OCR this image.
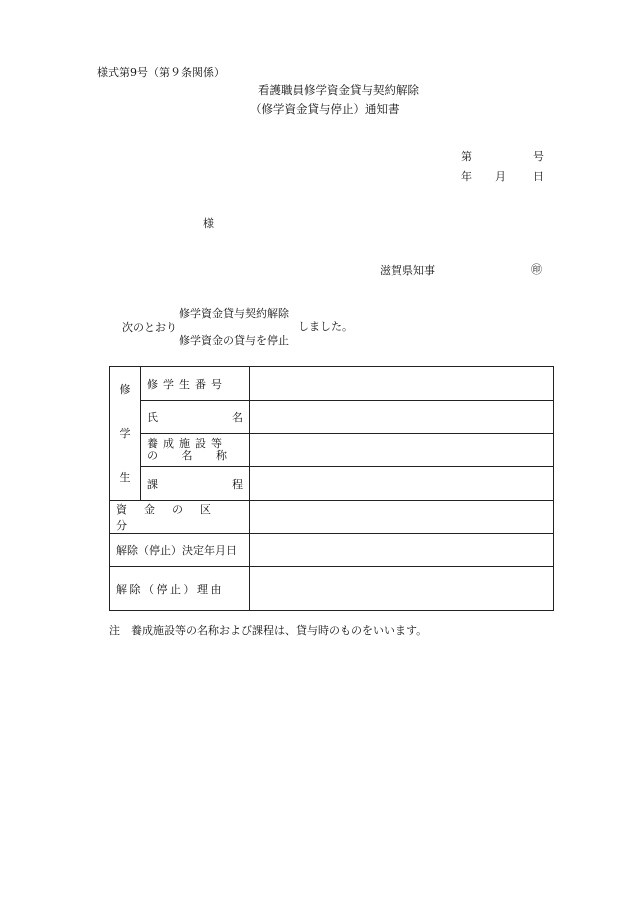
様式第9号（第９条関係）
看護職員修学資金貸与契約解除
（修学資金貸与停止）通知書
第	号
年 月 日
様
滋賀県知事	㊞
修学資金貸与契約解除
次のとおり	しました。
修学資金の貸与を停止
修
学
生	修学生番号	

	氏 名	

	養成施設等
の 名 称	

	課 程	

資金の区分		
解除（停止）決定年月日		
解除（停止）理由		
注　養成施設等の名称および課程は、貸与時のものをいいます。
